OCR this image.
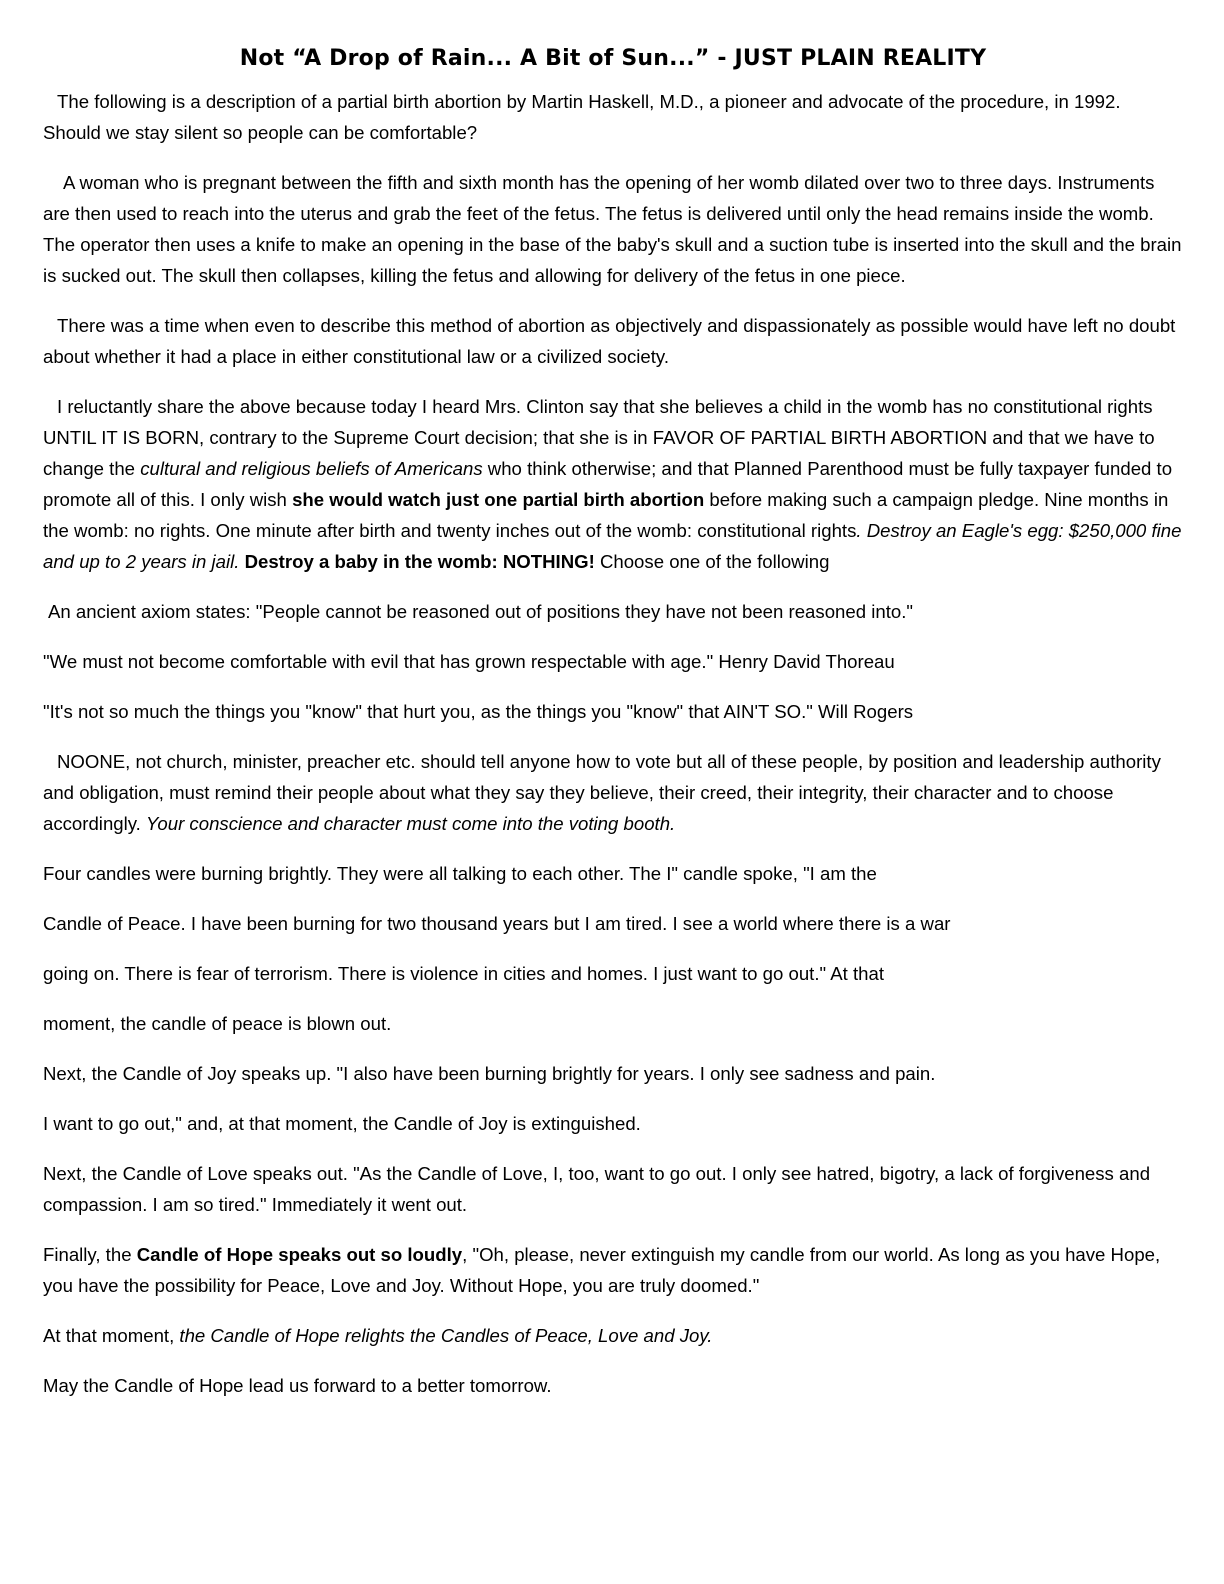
Not “A Drop of Rain... A Bit of Sun...” - JUST PLAIN REALITY

The following is a description of a partial birth abortion by Martin Haskell, M.D., a pioneer and advocate of the procedure, in 1992. Should we stay silent so people can be comfortable?

A woman who is pregnant between the fifth and sixth month has the opening of her womb dilated over two to three days. Instruments are then used to reach into the uterus and grab the feet of the fetus. The fetus is delivered until only the head remains inside the womb. The operator then uses a knife to make an opening in the base of the baby's skull and a suction tube is inserted into the skull and the brain is sucked out. The skull then collapses, killing the fetus and allowing for delivery of the fetus in one piece.

There was a time when even to describe this method of abortion as objectively and dispassionately as possible would have left no doubt about whether it had a place in either constitutional law or a civilized society.

I reluctantly share the above because today I heard Mrs. Clinton say that she believes a child in the womb has no constitutional rights UNTIL IT IS BORN, contrary to the Supreme Court decision; that she is in FAVOR OF PARTIAL BIRTH ABORTION and that we have to change the cultural and religious beliefs of Americans who think otherwise; and that Planned Parenthood must be fully taxpayer funded to promote all of this. I only wish she would watch just one partial birth abortion before making such a campaign pledge. Nine months in the womb: no rights. One minute after birth and twenty inches out of the womb: constitutional rights. Destroy an Eagle's egg: $250,000 fine and up to 2 years in jail. Destroy a baby in the womb: NOTHING! Choose one of the following

An ancient axiom states: "People cannot be reasoned out of positions they have not been reasoned into."

"We must not become comfortable with evil that has grown respectable with age." Henry David Thoreau

"It's not so much the things you "know" that hurt you, as the things you "know" that AIN'T SO." Will Rogers

NOONE, not church, minister, preacher etc. should tell anyone how to vote but all of these people, by position and leadership authority and obligation, must remind their people about what they say they believe, their creed, their integrity, their character and to choose accordingly. Your conscience and character must come into the voting booth.

Four candles were burning brightly. They were all talking to each other. The I" candle spoke, "I am the

Candle of Peace. I have been burning for two thousand years but I am tired. I see a world where there is a war

going on. There is fear of terrorism. There is violence in cities and homes. I just want to go out." At that

moment, the candle of peace is blown out.

Next, the Candle of Joy speaks up. "I also have been burning brightly for years. I only see sadness and pain.

I want to go out," and, at that moment, the Candle of Joy is extinguished.

Next, the Candle of Love speaks out. "As the Candle of Love, I, too, want to go out. I only see hatred, bigotry, a lack of forgiveness and compassion. I am so tired." Immediately it went out.

Finally, the Candle of Hope speaks out so loudly, "Oh, please, never extinguish my candle from our world. As long as you have Hope, you have the possibility for Peace, Love and Joy. Without Hope, you are truly doomed."

At that moment, the Candle of Hope relights the Candles of Peace, Love and Joy.

May the Candle of Hope lead us forward to a better tomorrow.
